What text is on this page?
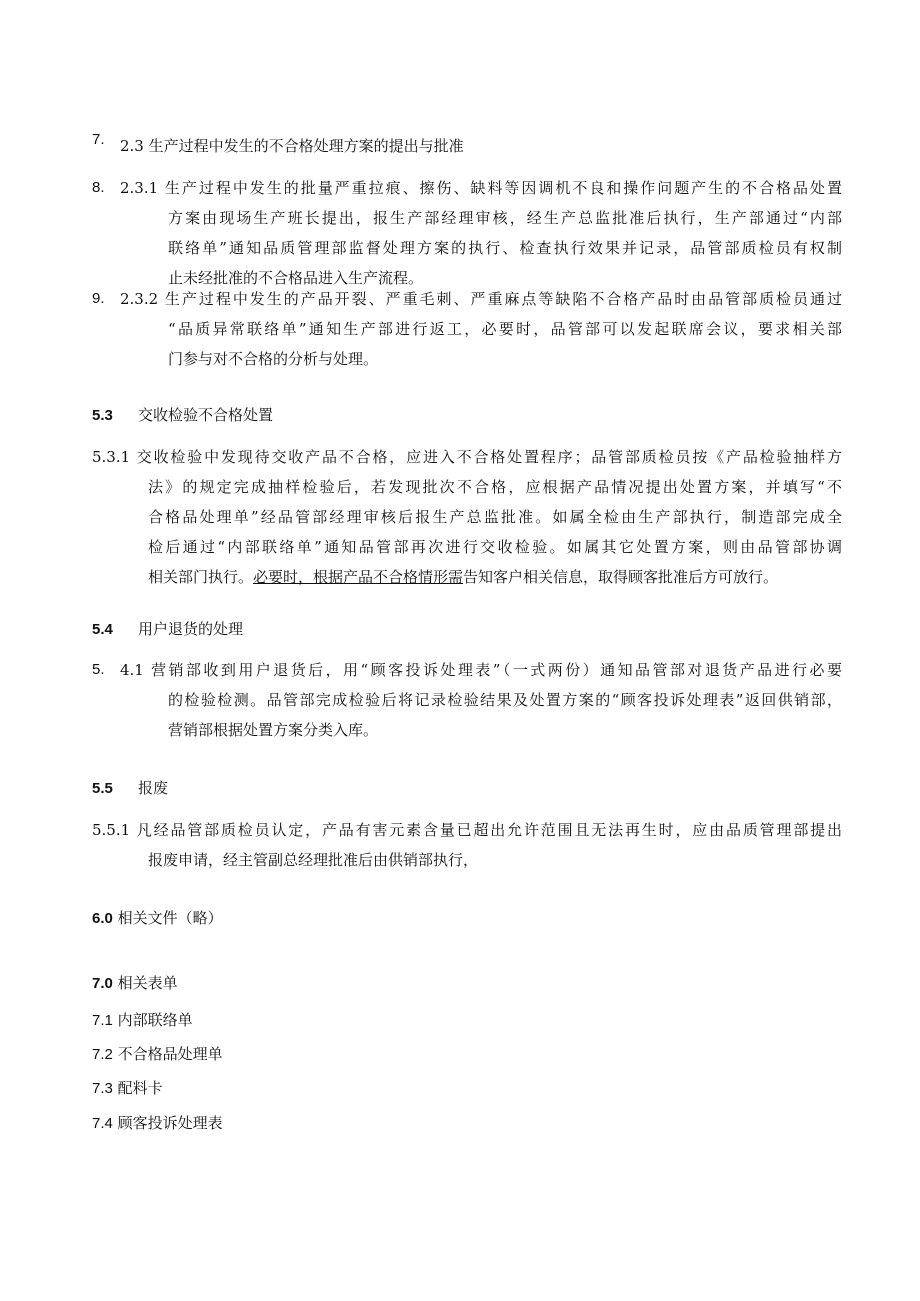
7. 2.3 生产过程中发生的不合格处理方案的提出与批准
8. 2.3.1 生产过程中发生的批量严重拉痕、擦伤、缺料等因调机不良和操作问题产生的不合格品处置
方案由现场生产班长提出，报生产部经理审核，经生产总监批准后执行，生产部通过“内部
联络单”通知品质管理部监督处理方案的执行、检查执行效果并记录，品管部质检员有权制
止未经批准的不合格品进入生产流程。
9. 2.3.2 生产过程中发生的产品开裂、严重毛刺、严重麻点等缺陷不合格产品时由品管部质检员通过
“品质异常联络单”通知生产部进行返工，必要时，品管部可以发起联席会议，要求相关部
门参与对不合格的分析与处理。
5.3 交收检验不合格处置
5.3.1 交收检验中发现待交收产品不合格，应进入不合格处置程序；品管部质检员按《产品检验抽样方
法》的规定完成抽样检验后，若发现批次不合格，应根据产品情况提出处置方案，并填写“不
合格品处理单”经品管部经理审核后报生产总监批准。如属全检由生产部执行，制造部完成全
检后通过“内部联络单”通知品管部再次进行交收检验。如属其它处置方案，则由品管部协调
相关部门执行。必要时，根据产品不合格情形需告知客户相关信息，取得顾客批准后方可放行。
5.4 用户退货的处理
5. 4.1 营销部收到用户退货后，用“顾客投诉处理表”（一式两份）通知品管部对退货产品进行必要
的检验检测。品管部完成检验后将记录检验结果及处置方案的“顾客投诉处理表”返回供销部，
营销部根据处置方案分类入库。
5.5 报废
5.5.1 凡经品管部质检员认定，产品有害元素含量已超出允许范围且无法再生时，应由品质管理部提出
报废申请，经主管副总经理批准后由供销部执行，
6.0 相关文件（略）
7.0 相关表单
7.1 内部联络单
7.2 不合格品处理单
7.3 配料卡
7.4 顾客投诉处理表
